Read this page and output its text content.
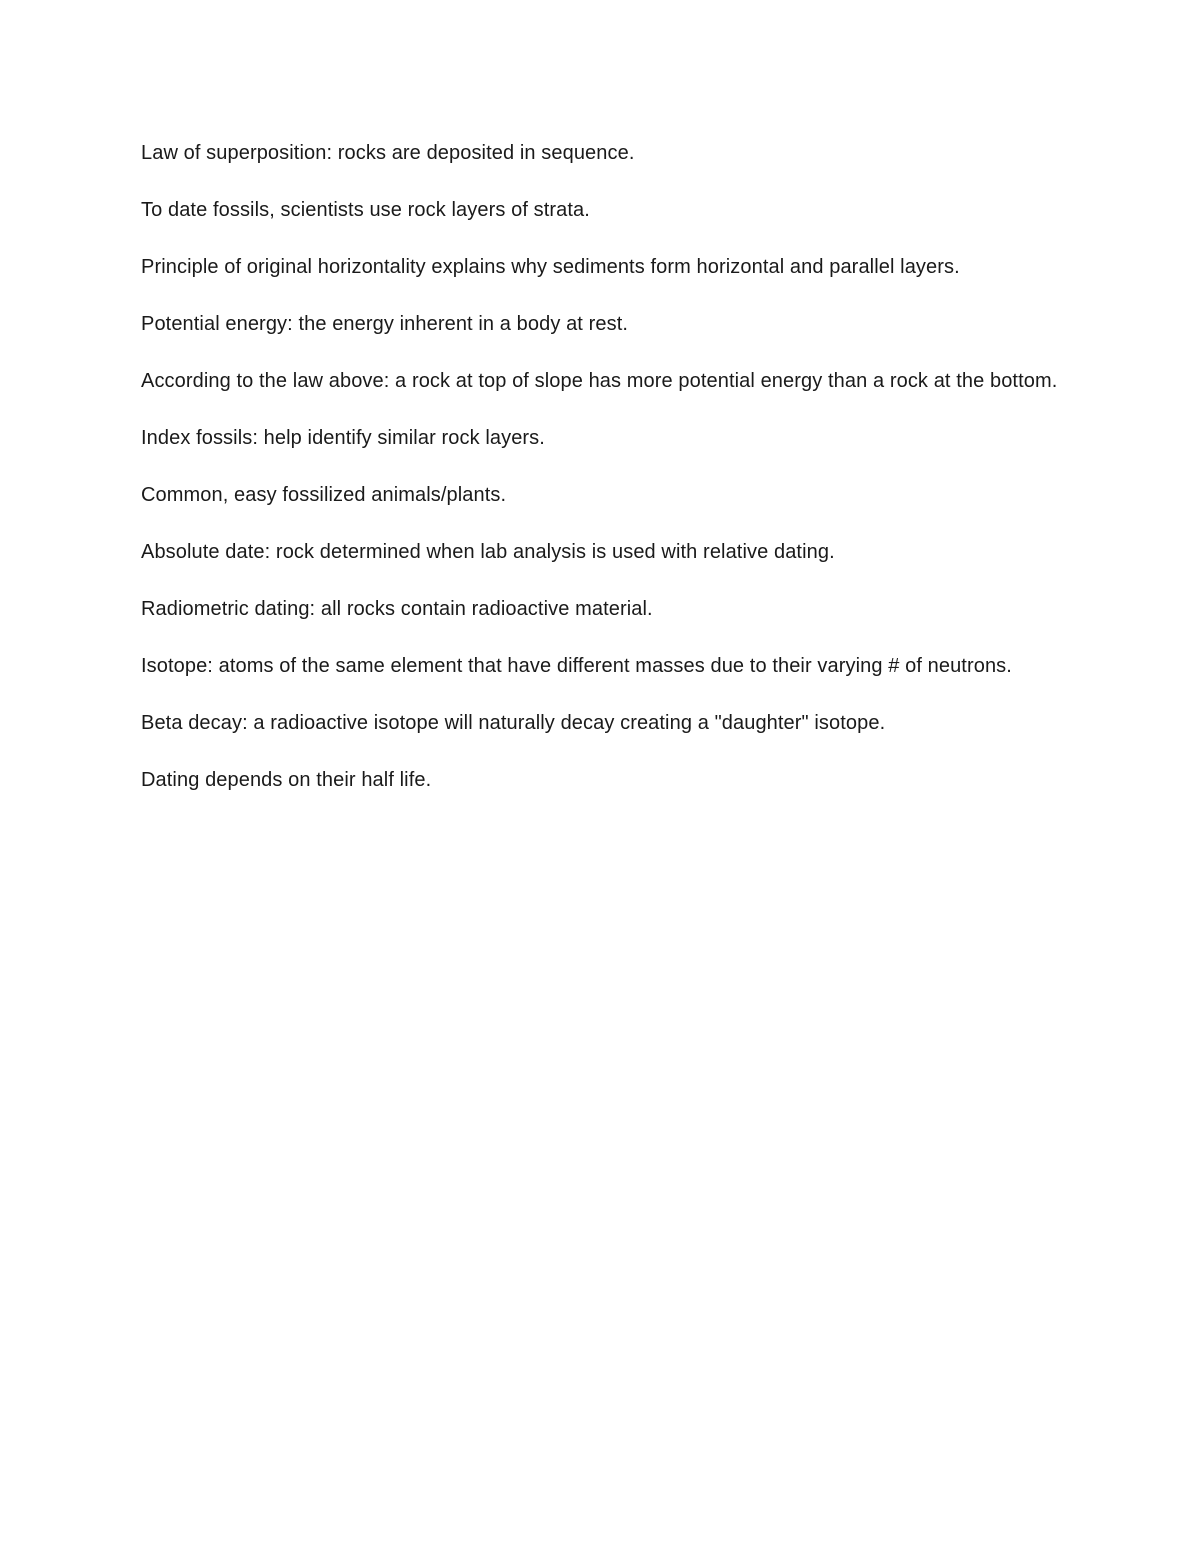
Law of superposition: rocks are deposited in sequence.

To date fossils, scientists use rock layers of strata.

Principle of original horizontality explains why sediments form horizontal and parallel layers.

Potential energy: the energy inherent in a body at rest.

According to the law above: a rock at top of slope has more potential energy than a rock at the bottom.

Index fossils: help identify similar rock layers.

Common, easy fossilized animals/plants.

Absolute date: rock determined when lab analysis is used with relative dating.

Radiometric dating: all rocks contain radioactive material.

Isotope: atoms of the same element that have different masses due to their varying # of neutrons.

Beta decay: a radioactive isotope will naturally decay creating a "daughter" isotope.

Dating depends on their half life.
